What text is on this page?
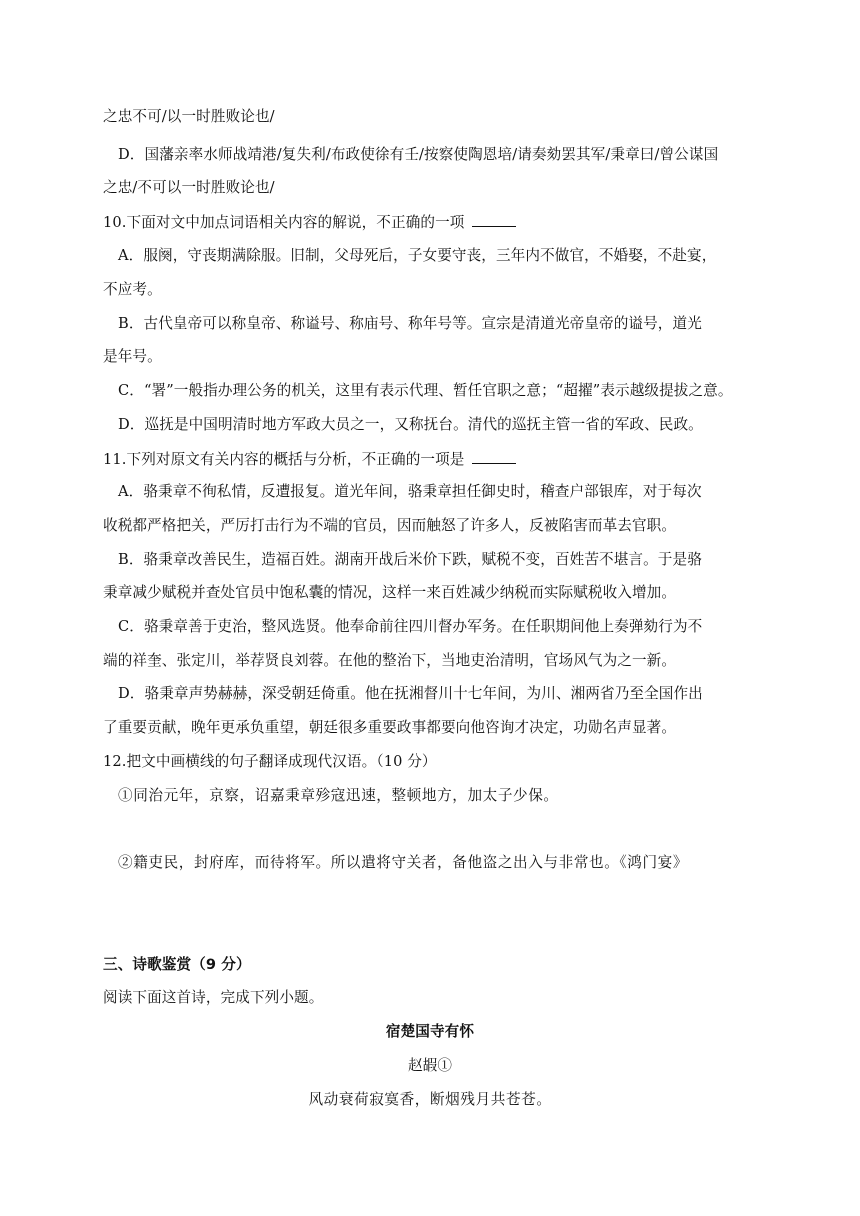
之忠不可/以一时胜败论也/
D．国藩亲率水师战靖港/复失利/布政使徐有壬/按察使陶恩培/请奏劾罢其军/秉章曰/曾公谋国
之忠/不可以一时胜败论也/
10.下面对文中加点词语相关内容的解说，不正确的一项
A．服阕，守丧期满除服。旧制，父母死后，子女要守丧，三年内不做官，不婚娶，不赴宴，
不应考。
B．古代皇帝可以称皇帝、称谥号、称庙号、称年号等。宣宗是清道光帝皇帝的谥号，道光
是年号。
C．“署”一般指办理公务的机关，这里有表示代理、暂任官职之意；“超擢”表示越级提拔之意。
D．巡抚是中国明清时地方军政大员之一，又称抚台。清代的巡抚主管一省的军政、民政。
11.下列对原文有关内容的概括与分析，不正确的一项是
A．骆秉章不徇私情，反遭报复。道光年间，骆秉章担任御史时，稽查户部银库，对于每次
收税都严格把关，严厉打击行为不端的官员，因而触怒了许多人，反被陷害而革去官职。
B．骆秉章改善民生，造福百姓。湖南开战后米价下跌，赋税不变，百姓苦不堪言。于是骆
秉章减少赋税并查处官员中饱私囊的情况，这样一来百姓减少纳税而实际赋税收入增加。
C．骆秉章善于吏治，整风选贤。他奉命前往四川督办军务。在任职期间他上奏弹劾行为不
端的祥奎、张定川，举荐贤良刘蓉。在他的整治下，当地吏治清明，官场风气为之一新。
D．骆秉章声势赫赫，深受朝廷倚重。他在抚湘督川十七年间，为川、湘两省乃至全国作出
了重要贡献，晚年更承负重望，朝廷很多重要政事都要向他咨询才决定，功勋名声显著。
12.把文中画横线的句子翻译成现代汉语。（10 分）
①同治元年，京察，诏嘉秉章殄寇迅速，整顿地方，加太子少保。
②籍吏民，封府库，而待将军。所以遣将守关者，备他盗之出入与非常也。《鸿门宴》
三、诗歌鉴赏（9 分）
阅读下面这首诗，完成下列小题。
宿楚国寺有怀
赵嘏①
风动衰荷寂寞香，断烟残月共苍苍。
